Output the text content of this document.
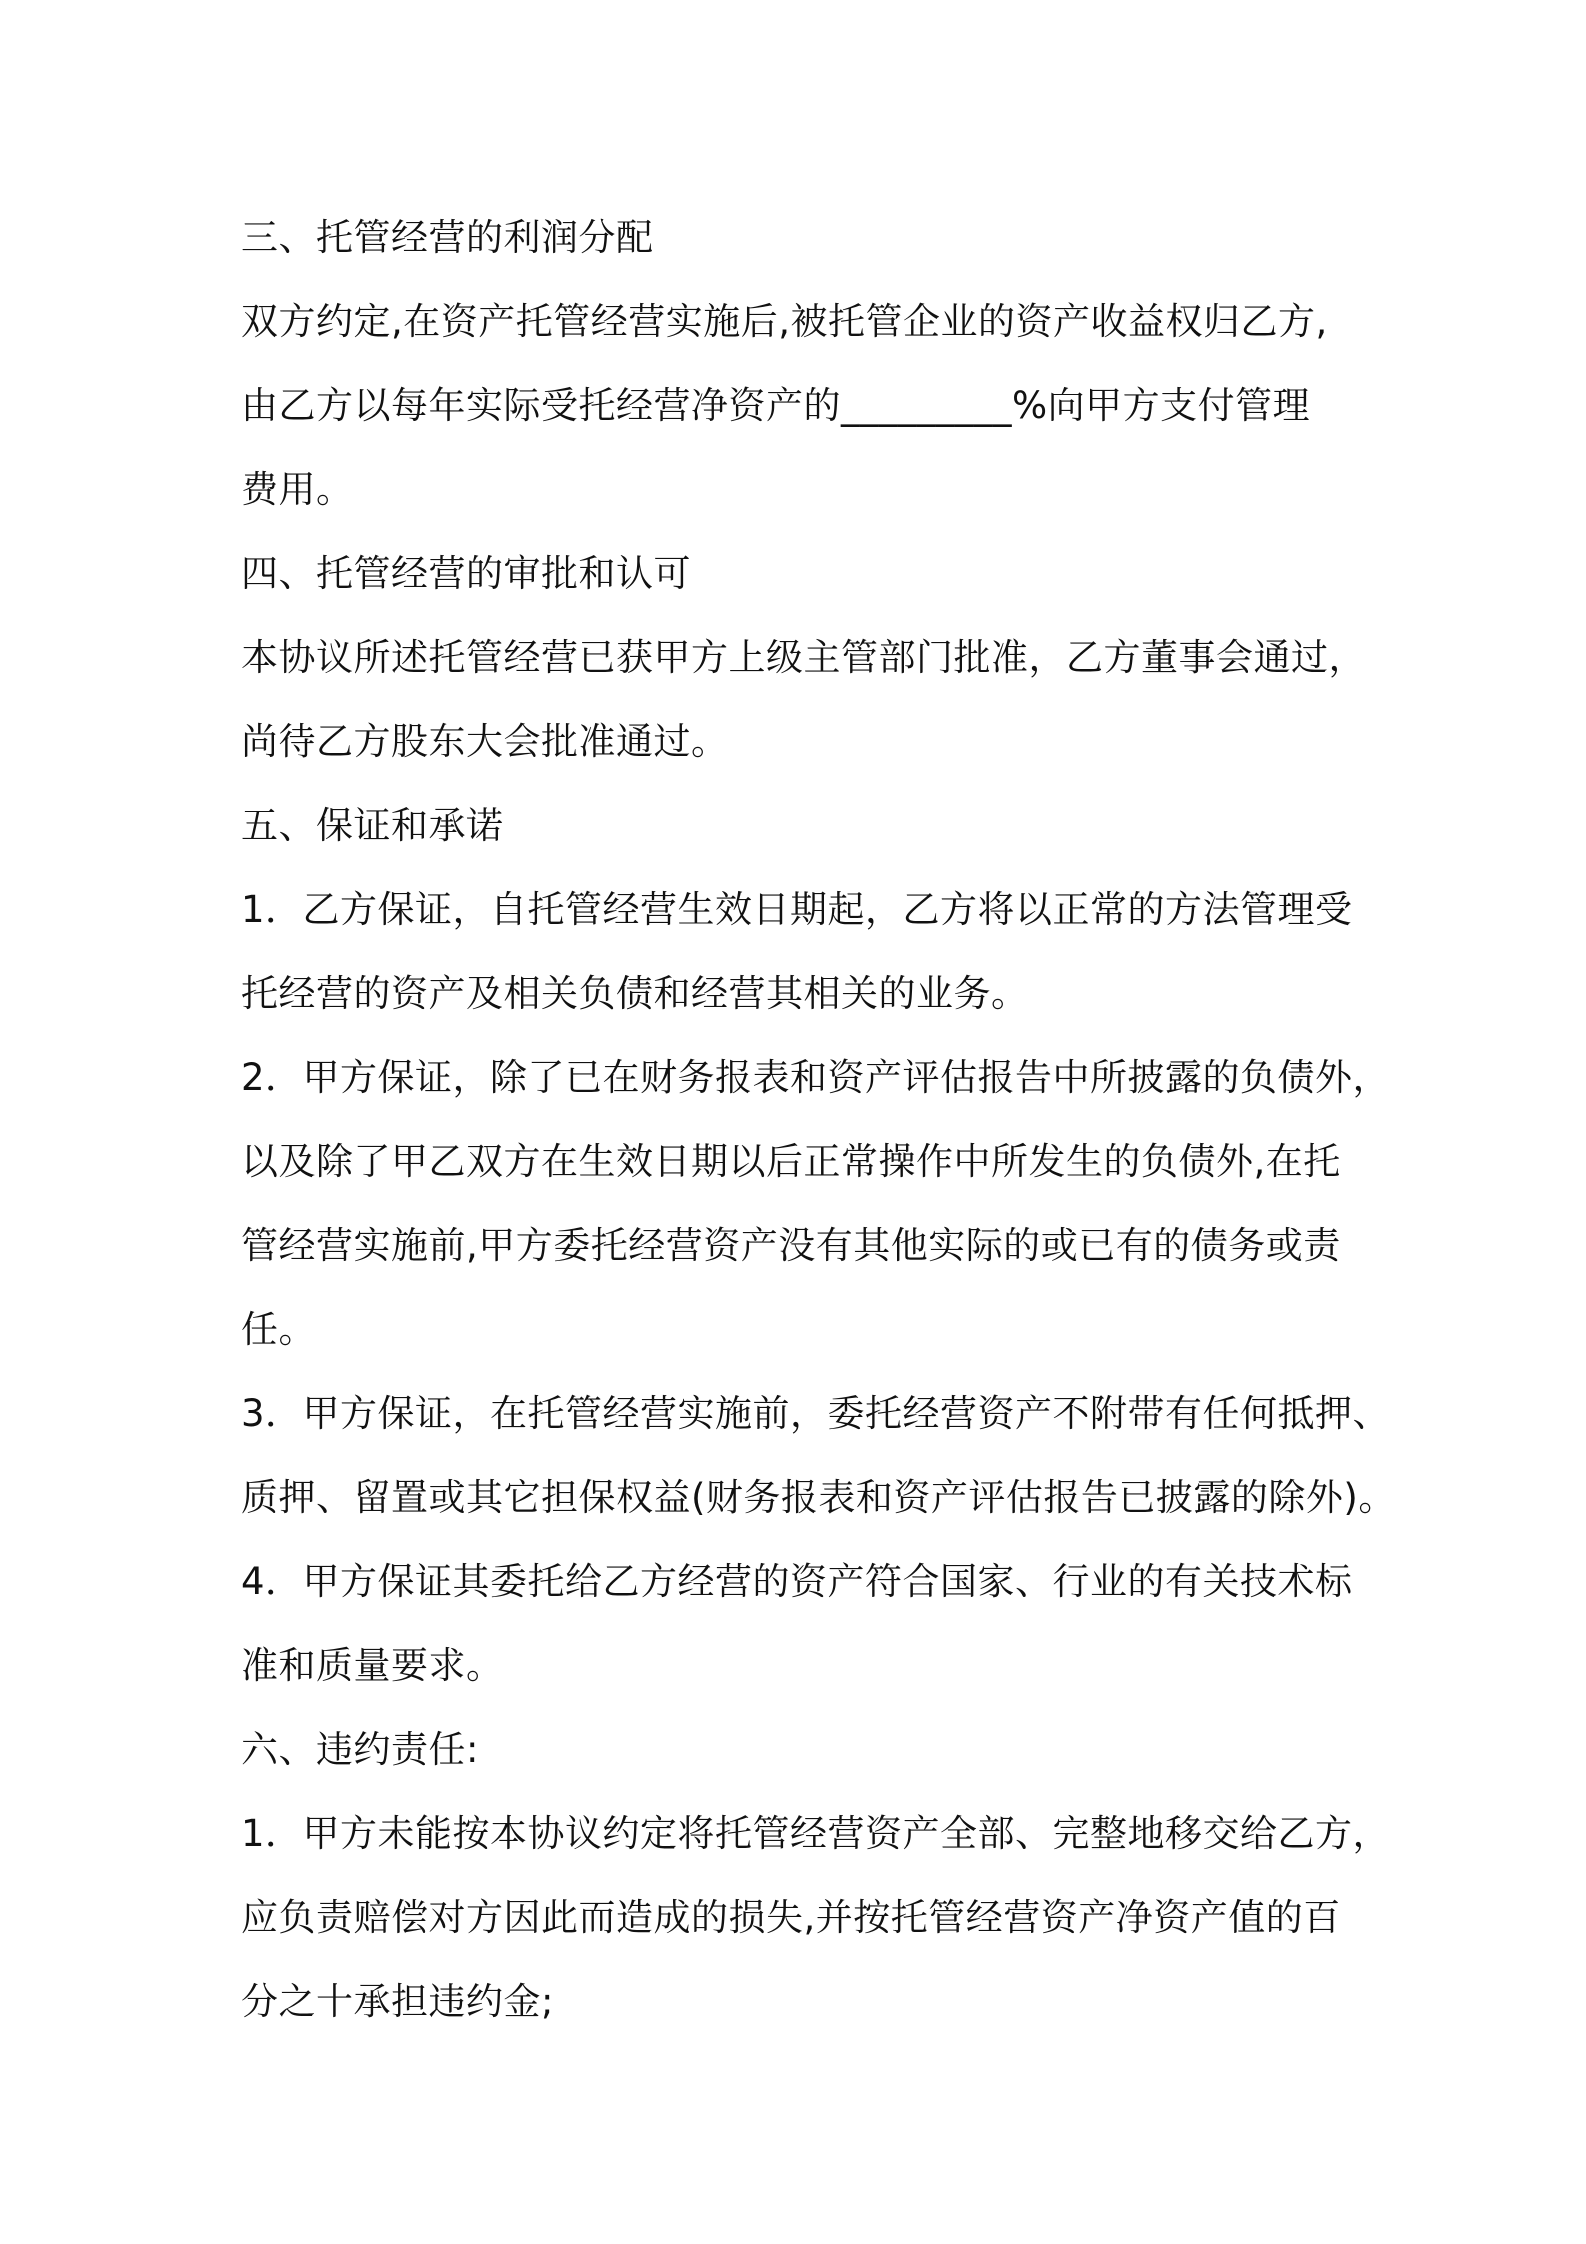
三、托管经营的利润分配
双方约定,在资产托管经营实施后,被托管企业的资产收益权归乙方,
由乙方以每年实际受托经营净资产的_________%向甲方支付管理
费用。
四、托管经营的审批和认可
本协议所述托管经营已获甲方上级主管部门批准，乙方董事会通过，
尚待乙方股东大会批准通过。
五、保证和承诺
1．乙方保证，自托管经营生效日期起，乙方将以正常的方法管理受
托经营的资产及相关负债和经营其相关的业务。
2．甲方保证，除了已在财务报表和资产评估报告中所披露的负债外，
以及除了甲乙双方在生效日期以后正常操作中所发生的负债外,在托
管经营实施前,甲方委托经营资产没有其他实际的或已有的债务或责
任。
3．甲方保证，在托管经营实施前，委托经营资产不附带有任何抵押、
质押、留置或其它担保权益(财务报表和资产评估报告已披露的除外)。
4．甲方保证其委托给乙方经营的资产符合国家、行业的有关技术标
准和质量要求。
六、违约责任:
1．甲方未能按本协议约定将托管经营资产全部、完整地移交给乙方，
应负责赔偿对方因此而造成的损失,并按托管经营资产净资产值的百
分之十承担违约金;
